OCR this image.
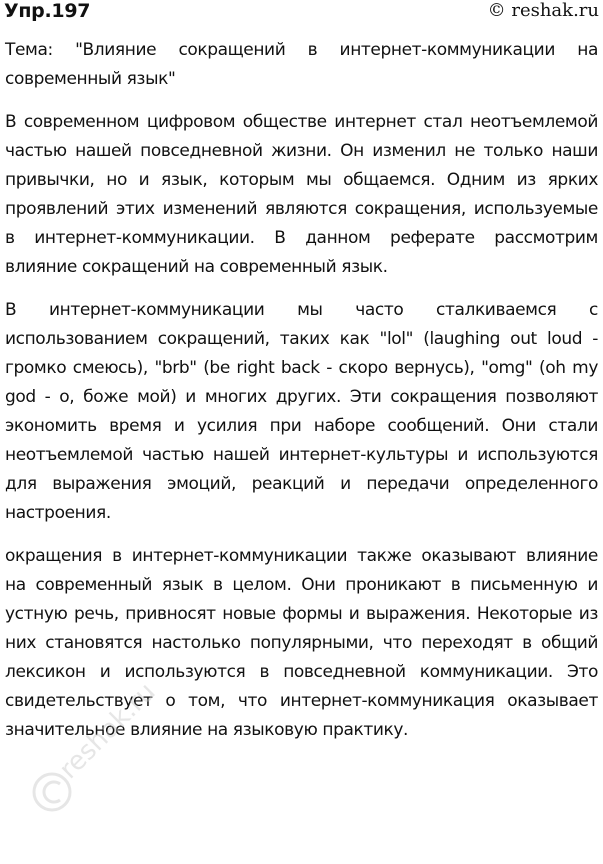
Упр.197	© reshak.ru

Тема: "Влияние сокращений в интернет-коммуникации на современный язык"

В современном цифровом обществе интернет стал неотъемлемой частью нашей повседневной жизни. Он изменил не только наши привычки, но и язык, которым мы общаемся. Одним из ярких проявлений этих изменений являются сокращения, используемые в интернет-коммуникации. В данном реферате рассмотрим влияние сокращений на современный язык.

В интернет-коммуникации мы часто сталкиваемся с использованием сокращений, таких как "lol" (laughing out loud - громко смеюсь), "brb" (be right back - скоро вернусь), "omg" (oh my god - о, боже мой) и многих других. Эти сокращения позволяют экономить время и усилия при наборе сообщений. Они стали неотъемлемой частью нашей интернет-культуры и используются для выражения эмоций, реакций и передачи определенного настроения.

окращения в интернет-коммуникации также оказывают влияние на современный язык в целом. Они проникают в письменную и устную речь, привносят новые формы и выражения. Некоторые из них становятся настолько популярными, что переходят в общий лексикон и используются в повседневной коммуникации. Это свидетельствует о том, что интернет-коммуникация оказывает значительное влияние на языковую практику.

reshak.ru
